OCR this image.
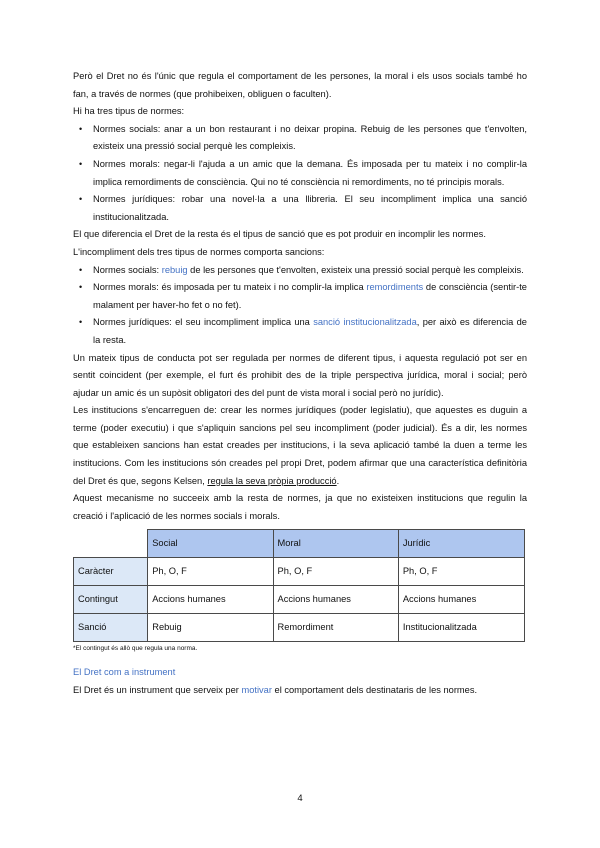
Però el Dret no és l'únic que regula el comportament de les persones, la moral i els usos socials també ho fan, a través de normes (que prohibeixen, obliguen o faculten).

Hi ha tres tipus de normes:

• Normes socials: anar a un bon restaurant i no deixar propina. Rebuig de les persones que t'envolten, existeix una pressió social perquè les compleixis.
• Normes morals: negar-li l'ajuda a un amic que la demana. És imposada per tu mateix i no complir-la implica remordiments de consciència. Qui no té consciència ni remordiments, no té principis morals.
• Normes jurídiques: robar una novel·la a una llibreria. El seu incompliment implica una sanció institucionalitzada.

El que diferencia el Dret de la resta és el tipus de sanció que es pot produir en incomplir les normes.

L'incompliment dels tres tipus de normes comporta sancions:

• Normes socials: rebuig de les persones que t'envolten, existeix una pressió social perquè les compleixis.
• Normes morals: és imposada per tu mateix i no complir-la implica remordiments de consciència (sentir-te malament per haver-ho fet o no fet).
• Normes jurídiques: el seu incompliment implica una sanció institucionalitzada, per això es diferencia de la resta.

Un mateix tipus de conducta pot ser regulada per normes de diferent tipus, i aquesta regulació pot ser en sentit coincident (per exemple, el furt és prohibit des de la triple perspectiva jurídica, moral i social; però ajudar un amic és un supòsit obligatori des del punt de vista moral i social però no jurídic).

Les institucions s'encarreguen de: crear les normes jurídiques (poder legislatiu), que aquestes es duguin a terme (poder executiu) i que s'apliquin sancions pel seu incompliment (poder judicial). És a dir, les normes que estableixen sancions han estat creades per institucions, i la seva aplicació també la duen a terme les institucions. Com les institucions són creades pel propi Dret, podem afirmar que una característica definitòria del Dret és que, segons Kelsen, regula la seva pròpia producció.

Aquest mecanisme no succeeix amb la resta de normes, ja que no existeixen institucions que regulin la creació i l'aplicació de les normes socials i morals.

	Social	Moral	Jurídic
Caràcter	Ph, O, F	Ph, O, F	Ph, O, F
Contingut	Accions humanes	Accions humanes	Accions humanes
Sanció	Rebuig	Remordiment	Institucionalitzada
*El contingut és allò que regula una norma.
El Dret com a instrument

El Dret és un instrument que serveix per motivar el comportament dels destinataris de les normes.

4
